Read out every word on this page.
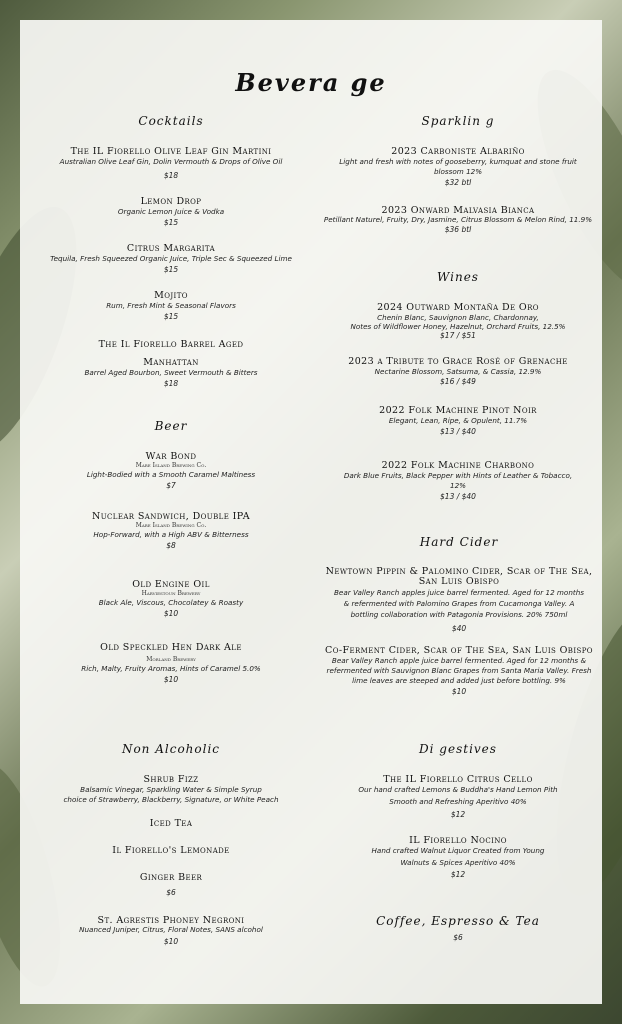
Bevera ge
Cocktails
The IL Fiorello Olive Leaf Gin Martini
Australian Olive Leaf Gin, Dolin Vermouth & Drops of Olive Oil
$18
Lemon Drop
Organic Lemon Juice & Vodka
$15
Citrus Margarita
Tequila, Fresh Squeezed Organic Juice, Triple Sec & Squeezed Lime
$15
Mojito
Rum, Fresh Mint & Seasonal Flavors
$15
The Il Fiorello Barrel Aged
Manhattan
Barrel Aged Bourbon, Sweet Vermouth & Bitters
$18
Beer
War Bond
Mare Island Brewing Co.
Light-Bodied with a Smooth Caramel Maltiness
$7
Nuclear Sandwich, Double IPA
Mare Island Brewing Co.
Hop-Forward, with a High ABV & Bitterness
$8
Old Engine Oil
Harviestoun Brewery
Black Ale, Viscous, Chocolatey & Roasty
$10
Old Speckled Hen Dark Ale
Morland Brewery
Rich, Malty, Fruity Aromas, Hints of Caramel 5.0%
$10
Non Alcoholic
Shrub Fizz
Balsamic Vinegar, Sparkling Water & Simple Syrup
choice of Strawberry, Blackberry, Signature, or White Peach
Iced Tea
Il Fiorello's Lemonade
Ginger Beer
$6
St. Agrestis Phoney Negroni
Nuanced Juniper, Citrus, Floral Notes, SANS alcohol
$10
Sparklin g
2023 Carboniste Albariño
Light and fresh with notes of gooseberry, kumquat and stone fruit blossom 12%
$32 btl
2023 Onward Malvasia Bianca
Petillant Naturel, Fruity, Dry, Jasmine, Citrus Blossom & Melon Rind, 11.9%
$36 btl
Wines
2024 Outward Montaña De Oro
Chenin Blanc, Sauvignon Blanc, Chardonnay,
Notes of Wildflower Honey, Hazelnut, Orchard Fruits, 12.5%
$17 / $51
2023 a Tribute to Grace Rosé of Grenache
Nectarine Blossom, Satsuma, & Cassia, 12.9%
$16 / $49
2022 Folk Machine Pinot Noir
Elegant, Lean, Ripe, & Opulent, 11.7%
$13 / $40
2022 Folk Machine Charbono
Dark Blue Fruits, Black Pepper with Hints of Leather & Tobacco, 12%
$13 / $40
Hard Cider
Newtown Pippin & Palomino Cider, Scar of The Sea, San Luis Obispo
Bear Valley Ranch apples juice barrel fermented. Aged for 12 months & refermented with Palomino Grapes from Cucamonga Valley. A bottling collaboration with Patagonia Provisions. 20% 750ml
$40
Co-Ferment Cider, Scar of The Sea, San Luis Obispo
Bear Valley Ranch apple juice barrel fermented. Aged for 12 months & refermented with Sauvignon Blanc Grapes from Santa Maria Valley. Fresh lime leaves are steeped and added just before bottling. 9%
$10
Di gestives
The IL Fiorello Citrus Cello
Our hand crafted Lemons & Buddha's Hand Lemon Pith
Smooth and Refreshing Aperitivo 40%
$12
IL Fiorello Nocino
Hand crafted Walnut Liquor Created from Young
Walnuts & Spices Aperitivo 40%
$12
Coffee, Espresso & Tea
$6
